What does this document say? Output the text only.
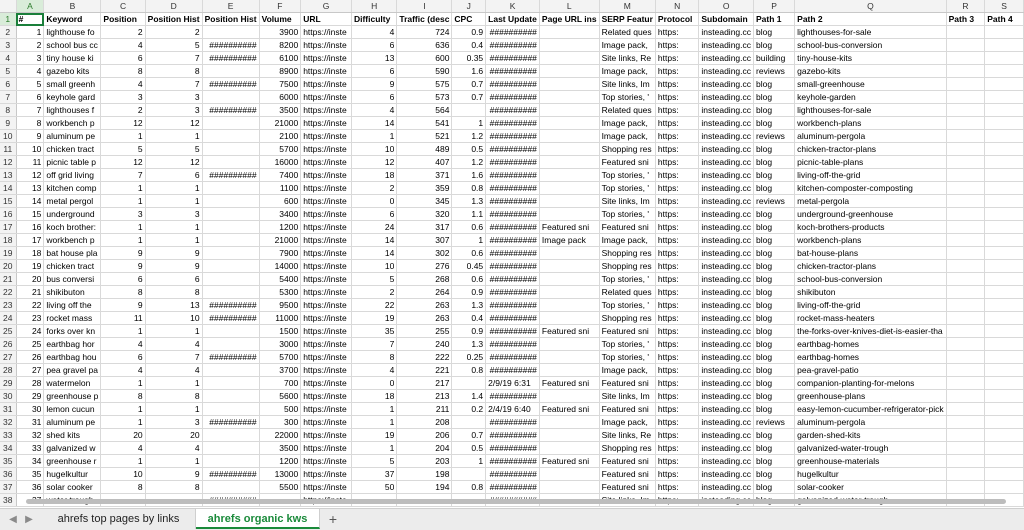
	A	B	C	D	E	F	G	H	I	J	K	L	M	N	O	P	Q	R	S
1	#	Keyword	Position	Position Hist	Position Hist	Volume	URL	Difficulty	Traffic (desc	CPC	Last Update	Page URL ins	SERP Featur	Protocol	Subdomain	Path 1	Path 2	Path 3	Path 4
2	1	lighthouse fo	2	2		3900	https://inste	4	724	0.9	##########		Related ques	https:	insteading.cc	blog	lighthouses-for-sale		
3	2	school bus cc	4	5	##########	8200	https://inste	6	636	0.4	##########		Image pack,	https:	insteading.cc	blog	school-bus-conversion		
4	3	tiny house ki	6	7	##########	6100	https://inste	13	600	0.35	##########		Site links, Re	https:	insteading.cc	building	tiny-house-kits		
5	4	gazebo kits	8	8		8900	https://inste	6	590	1.6	##########		Image pack,	https:	insteading.cc	reviews	gazebo-kits		
6	5	small greenh	4	7	##########	7500	https://inste	9	575	0.7	##########		Site links, Im	https:	insteading.cc	blog	small-greenhouse		
7	6	keyhole gard	3	3		6000	https://inste	6	573	0.7	##########		Top stories, '	https:	insteading.cc	blog	keyhole-garden		
8	7	lighthouses f	2	3	##########	3500	https://inste	4	564		##########		Related ques	https:	insteading.cc	blog	lighthouses-for-sale		
9	8	workbench p	12	12		21000	https://inste	14	541	1	##########		Image pack,	https:	insteading.cc	blog	workbench-plans		
10	9	aluminum pe	1	1		2100	https://inste	1	521	1.2	##########		Image pack,	https:	insteading.cc	reviews	aluminum-pergola		
11	10	chicken tract	5	5		5700	https://inste	10	489	0.5	##########		Shopping res	https:	insteading.cc	blog	chicken-tractor-plans		
12	11	picnic table p	12	12		16000	https://inste	12	407	1.2	##########		Featured sni	https:	insteading.cc	blog	picnic-table-plans		
13	12	off grid living	7	6	##########	7400	https://inste	18	371	1.6	##########		Top stories, '	https:	insteading.cc	blog	living-off-the-grid		
14	13	kitchen comp	1	1		1100	https://inste	2	359	0.8	##########		Top stories, '	https:	insteading.cc	blog	kitchen-composter-composting		
15	14	metal pergol	1	1		600	https://inste	0	345	1.3	##########		Site links, Im	https:	insteading.cc	reviews	metal-pergola		
16	15	underground	3	3		3400	https://inste	6	320	1.1	##########		Top stories, '	https:	insteading.cc	blog	underground-greenhouse		
17	16	koch brother:	1	1		1200	https://inste	24	317	0.6	##########	Featured sni	Featured sni	https:	insteading.cc	blog	koch-brothers-products		
18	17	workbench p	1	1		21000	https://inste	14	307	1	##########	Image pack	Image pack,	https:	insteading.cc	blog	workbench-plans		
19	18	bat house pla	9	9		7900	https://inste	14	302	0.6	##########		Shopping res	https:	insteading.cc	blog	bat-house-plans		
20	19	chicken tract	9	9		14000	https://inste	10	276	0.45	##########		Shopping res	https:	insteading.cc	blog	chicken-tractor-plans		
21	20	bus conversi	6	6		5400	https://inste	5	268	0.6	##########		Top stories, '	https:	insteading.cc	blog	school-bus-conversion		
22	21	shikibuton	8	8		5300	https://inste	2	264	0.9	##########		Related ques	https:	insteading.cc	blog	shikibuton		
23	22	living off the	9	13	##########	9500	https://inste	22	263	1.3	##########		Top stories, '	https:	insteading.cc	blog	living-off-the-grid		
24	23	rocket mass	11	10	##########	11000	https://inste	19	263	0.4	##########		Shopping res	https:	insteading.cc	blog	rocket-mass-heaters		
25	24	forks over kn	1	1		1500	https://inste	35	255	0.9	##########	Featured sni	Featured sni	https:	insteading.cc	blog	the-forks-over-knives-diet-is-easier-tha		
26	25	earthbag hor	4	4		3000	https://inste	7	240	1.3	##########		Top stories, '	https:	insteading.cc	blog	earthbag-homes		
27	26	earthbag hou	6	7	##########	5700	https://inste	8	222	0.25	##########		Top stories, '	https:	insteading.cc	blog	earthbag-homes		
28	27	pea gravel pa	4	4		3700	https://inste	4	221	0.8	##########		Image pack,	https:	insteading.cc	blog	pea-gravel-patio		
29	28	watermelon	1	1		700	https://inste	0	217		2/9/19 6:31	Featured sni	Featured sni	https:	insteading.cc	blog	companion-planting-for-melons		
30	29	greenhouse p	8	8		5600	https://inste	18	213	1.4	##########		Site links, Im	https:	insteading.cc	blog	greenhouse-plans		
31	30	lemon cucun	1	1		500	https://inste	1	211	0.2	2/4/19 6:40	Featured sni	Featured sni	https:	insteading.cc	blog	easy-lemon-cucumber-refrigerator-pick		
32	31	aluminum pe	1	3	##########	300	https://inste	1	208		##########		Image pack,	https:	insteading.cc	reviews	aluminum-pergola		
33	32	shed kits	20	20		22000	https://inste	19	206	0.7	##########		Site links, Re	https:	insteading.cc	blog	garden-shed-kits		
34	33	galvanized w	4	4		3500	https://inste	1	204	0.5	##########		Shopping res	https:	insteading.cc	blog	galvanized-water-trough		
35	34	greenhouse r	1	1		1200	https://inste	5	203	1	##########	Featured sni	Featured sni	https:	insteading.cc	blog	greenhouse-materials		
36	35	hugelkultur	10	9	##########	13000	https://inste	37	198		##########		Featured sni	https:	insteading.cc	blog	hugelkultur		
37	36	solar cooker	8	8		5500	https://inste	50	194	0.8	##########		Featured sni	https:	insteading.cc	blog	solar-cooker		
38																			
◀ ▶	ahrefs top pages by links	ahrefs organic kws	+
